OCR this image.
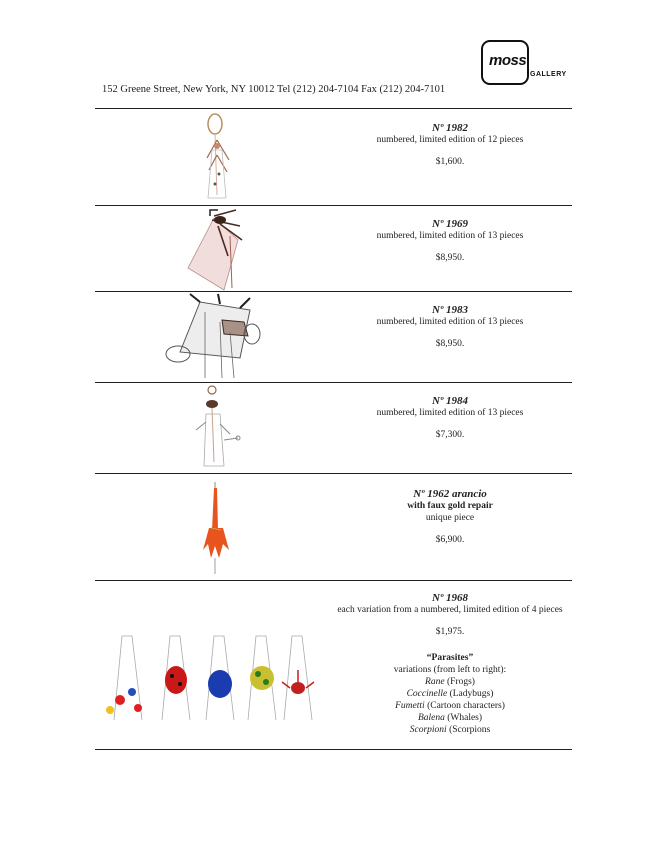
moss
GALLERY
152 Greene Street, New York, NY 10012 Tel (212) 204-7104 Fax (212) 204-7101
Nº 1982
numbered, limited edition of 12 pieces
$1,600.
Nº 1969
numbered, limited edition of 13 pieces
$8,950.
Nº 1983
numbered, limited edition of 13 pieces
$8,950.
Nº 1984
numbered, limited edition of 13 pieces
$7,300.
Nº 1962 arancio
with faux gold repair
unique piece
$6,900.
Nº 1968
each variation from a numbered, limited edition of 4 pieces
$1,975.
“Parasites”
variations (from left to right):
Rane (Frogs)
Coccinelle (Ladybugs)
Fumetti (Cartoon characters)
Balena (Whales)
Scorpioni (Scorpions
